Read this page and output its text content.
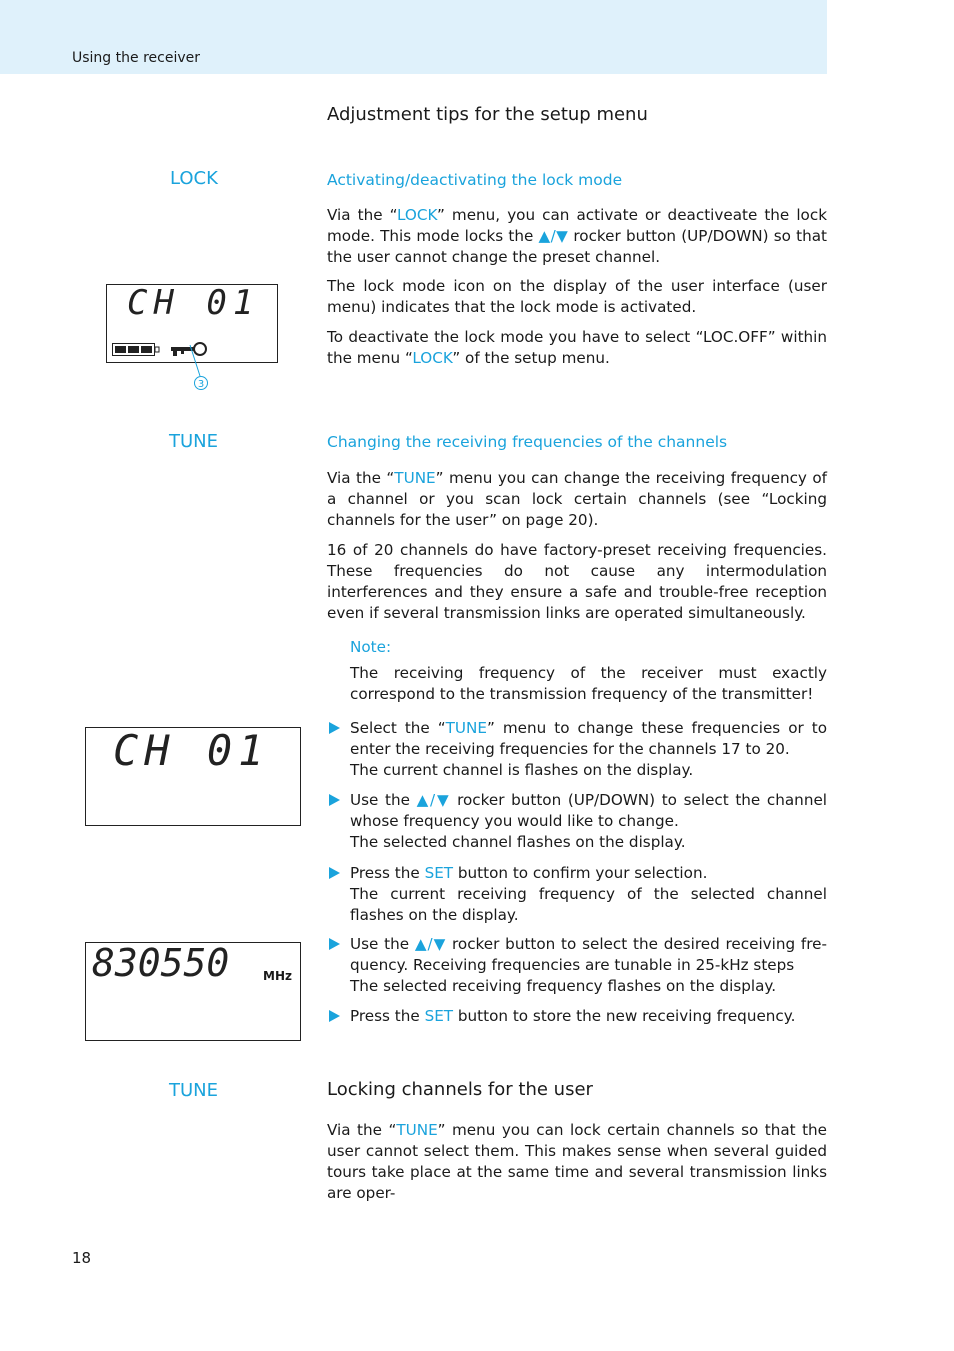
Using the receiver
Adjustment tips for the setup menu
LOCK	Activating/deactivating the lock mode

Via the “LOCK” menu, you can activate or deactiveate the lock mode. This mode locks the ▲/▼ rocker button (UP/DOWN) so that the user cannot change the preset channel.

The lock mode icon on the display of the user interface (user menu) indicates that the lock mode is activated.

To deactivate the lock mode you have to select “LOC.OFF” within the menu “LOCK” of the setup menu.

CH 01
3
TUNE	Changing the receiving frequencies of the channels

Via the “TUNE” menu you can change the receiving frequency of a channel or you scan lock certain channels (see “Locking channels for the user” on page 20).

16 of 20 channels do have factory-preset receiving frequencies. These frequencies do not cause any intermodulation interferences and they ensure a safe and trouble-free reception even if several transmission links are operated simultaneously.

Note:

The receiving frequency of the receiver must exactly correspond to the transmission frequency of the transmitter!

CH 01	Select the “TUNE” menu to change these frequencies or to enter the receiving frequencies for the channels 17 to 20.
The current channel is flashes on the display.
Use the ▲/▼ rocker button (UP/DOWN) to select the channel whose frequency you would like to change.
The selected channel flashes on the display.
Press the SET button to confirm your selection.
The current receiving frequency of the selected channel flashes on the display.
830550	MHz
Use the ▲/▼ rocker button to select the desired receiving fre-quency. Receiving frequencies are tunable in 25-kHz steps
The selected receiving frequency flashes on the display.
Press the SET button to store the new receiving frequency.
TUNE	Locking channels for the user

Via the “TUNE” menu you can lock certain channels so that the user cannot select them. This makes sense when several guided tours take place at the same time and several transmission links are oper-

18
